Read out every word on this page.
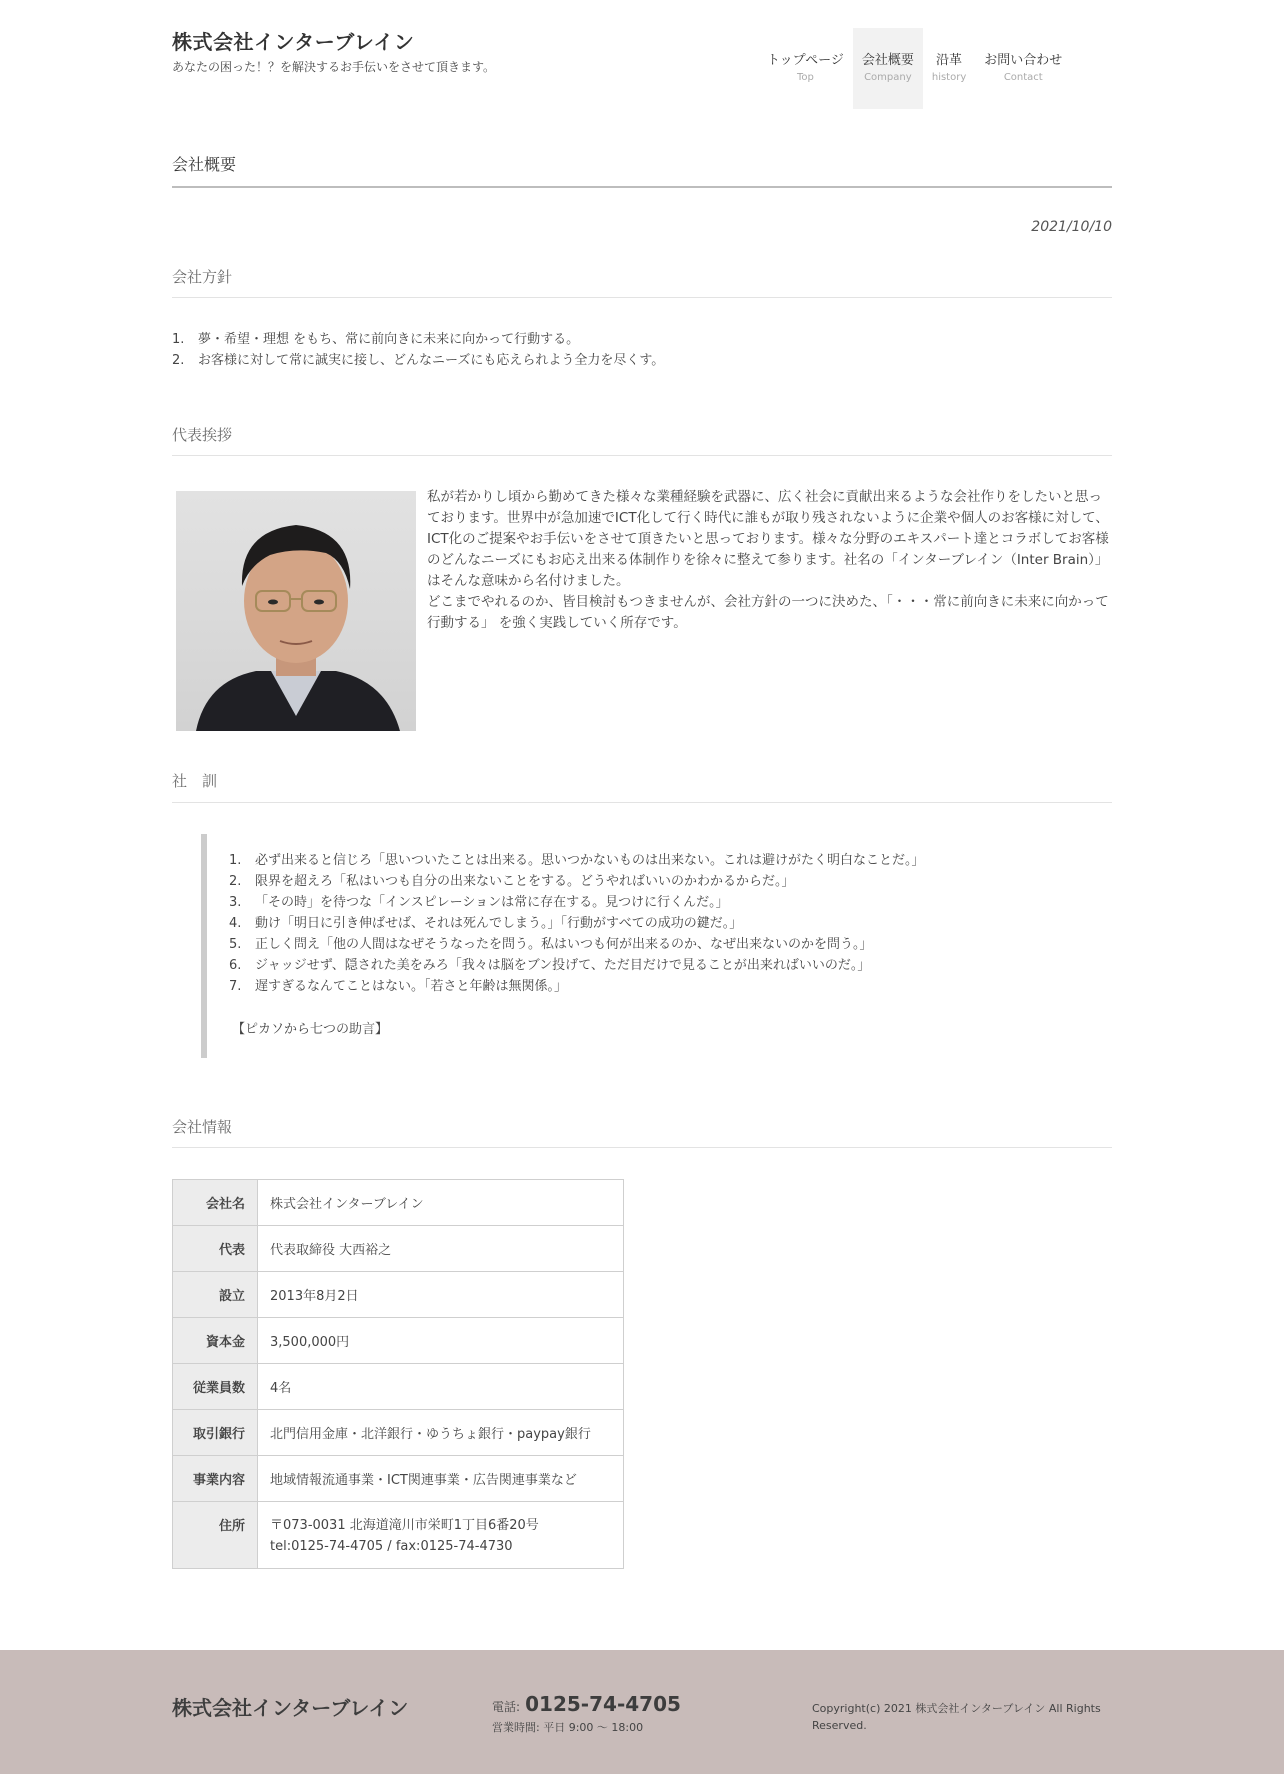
株式会社インターブレイン
あなたの困った！？を解決するお手伝いをさせて頂きます。	トップページ
Top
会社概要
Company
沿革
history
お問い合わせ
Contact
会社概要
2021/10/10
会社方針
1.	夢・希望・理想 をもち、常に前向きに未来に向かって行動する。
2.	お客様に対して常に誠実に接し、どんなニーズにも応えられよう全力を尽くす。
代表挨拶

私が若かりし頃から勤めてきた様々な業種経験を武器に、広く社会に貢献出来るような会社作りをしたいと思っております。世界中が急加速でICT化して行く時代に誰もが取り残されないように企業や個人のお客様に対して、ICT化のご提案やお手伝いをさせて頂きたいと思っております。様々な分野のエキスパート達とコラボしてお客様のどんなニーズにもお応え出来る体制作りを徐々に整えて参ります。社名の「インターブレイン（Inter Brain）」はそんな意味から名付けました。

どこまでやれるのか、皆目検討もつきませんが、会社方針の一つに決めた、「・・・常に前向きに未来に向かって行動する」 を強く実践していく所存です。

社　訓
1.	必ず出来ると信じろ「思いついたことは出来る。思いつかないものは出来ない。これは避けがたく明白なことだ。」
2.	限界を超えろ「私はいつも自分の出来ないことをする。どうやればいいのかわかるからだ。」
3.	「その時」を待つな「インスピレーションは常に存在する。見つけに行くんだ。」
4.	動け「明日に引き伸ばせば、それは死んでしまう。」「行動がすべての成功の鍵だ。」
5.	正しく問え「他の人間はなぜそうなったを問う。私はいつも何が出来るのか、なぜ出来ないのかを問う。」
6.	ジャッジせず、隠された美をみろ「我々は脳をブン投げて、ただ目だけで見ることが出来ればいいのだ。」
7.	遅すぎるなんてことはない。「若さと年齢は無関係。」
【ピカソから七つの助言】
会社情報
会社名	株式会社インターブレイン
代表	代表取締役 大西裕之
設立	2013年8月2日
資本金	3,500,000円
従業員数	4名
取引銀行	北門信用金庫・北洋銀行・ゆうちょ銀行・paypay銀行
事業内容	地域情報流通事業・ICT関連事業・広告関連事業など
住所	〒073-0031 北海道滝川市栄町1丁目6番20号
tel:0125-74-4705 / fax:0125-74-4730
株式会社インターブレイン	電話: 0125-74-4705
営業時間: 平日 9:00 〜 18:00
Copyright(c) 2021 株式会社インターブレイン All Rights Reserved.
